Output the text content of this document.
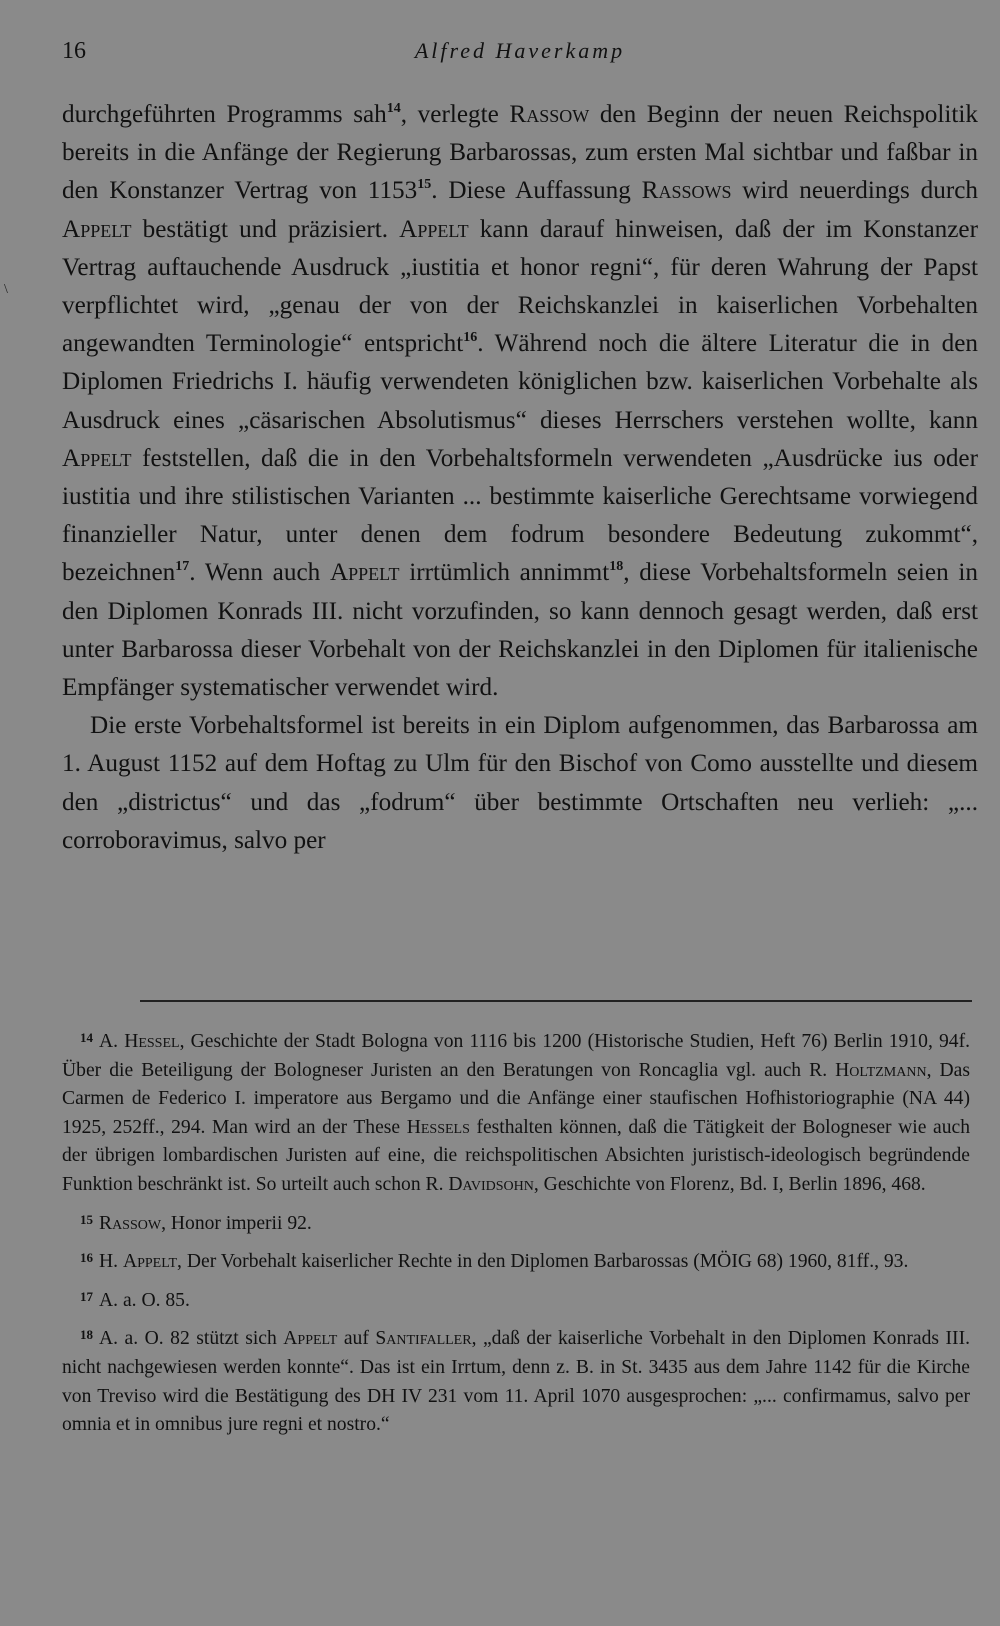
16	Alfred Haverkamp
\

durchgeführten Programms sah$^{14}$, verlegte Rassow den Beginn der neuen Reichspolitik bereits in die Anfänge der Regierung Barbarossas, zum ersten Mal sichtbar und faßbar in den Konstanzer Vertrag von 1153$^{15}$. Diese Auffassung Rassows wird neuerdings durch Appelt bestätigt und präzisiert. Appelt kann darauf hinweisen, daß der im Konstanzer Vertrag auftauchende Ausdruck „iustitia et honor regni“, für deren Wahrung der Papst verpflichtet wird, „genau der von der Reichskanzlei in kaiserlichen Vorbehalten angewandten Terminologie“ entspricht$^{16}$. Während noch die ältere Literatur die in den Diplomen Friedrichs I. häufig verwendeten königlichen bzw. kaiserlichen Vorbehalte als Ausdruck eines „cäsarischen Absolutismus“ dieses Herrschers verstehen wollte, kann Appelt feststellen, daß die in den Vorbehaltsformeln verwendeten „Ausdrücke ius oder iustitia und ihre stilistischen Varianten ... bestimmte kaiserliche Gerechtsame vorwiegend finanzieller Natur, unter denen dem fodrum besondere Bedeutung zukommt“, bezeichnen$^{17}$. Wenn auch Appelt irrtümlich annimmt$^{18}$, diese Vorbehaltsformeln seien in den Diplomen Konrads III. nicht vorzufinden, so kann dennoch gesagt werden, daß erst unter Barbarossa dieser Vorbehalt von der Reichskanzlei in den Diplomen für italienische Empfänger systematischer verwendet wird.

Die erste Vorbehaltsformel ist bereits in ein Diplom aufgenommen, das Barbarossa am 1. August 1152 auf dem Hoftag zu Ulm für den Bischof von Como ausstellte und diesem den „districtus“ und das „fodrum“ über bestimmte Ortschaften neu verlieh: „... corroboravimus, salvo per

$^{14}$ A. Hessel, Geschichte der Stadt Bologna von 1116 bis 1200 (Historische Studien, Heft 76) Berlin 1910, 94f. Über die Beteiligung der Bologneser Juristen an den Beratungen von Roncaglia vgl. auch R. Holtzmann, Das Carmen de Federico I. imperatore aus Bergamo und die Anfänge einer staufischen Hofhistoriographie (NA 44) 1925, 252ff., 294. Man wird an der These Hessels festhalten können, daß die Tätigkeit der Bologneser wie auch der übrigen lombardischen Juristen auf eine, die reichspolitischen Absichten juristisch-ideologisch begründende Funktion beschränkt ist. So urteilt auch schon R. Davidsohn, Geschichte von Florenz, Bd. I, Berlin 1896, 468.

$^{15}$ Rassow, Honor imperii 92.

$^{16}$ H. Appelt, Der Vorbehalt kaiserlicher Rechte in den Diplomen Barbarossas (MÖIG 68) 1960, 81ff., 93.

$^{17}$ A. a. O. 85.

$^{18}$ A. a. O. 82 stützt sich Appelt auf Santifaller, „daß der kaiserliche Vorbehalt in den Diplomen Konrads III. nicht nachgewiesen werden konnte“. Das ist ein Irrtum, denn z. B. in St. 3435 aus dem Jahre 1142 für die Kirche von Treviso wird die Bestätigung des DH IV 231 vom 11. April 1070 ausgesprochen: „... confirmamus, salvo per omnia et in omnibus jure regni et nostro.“
